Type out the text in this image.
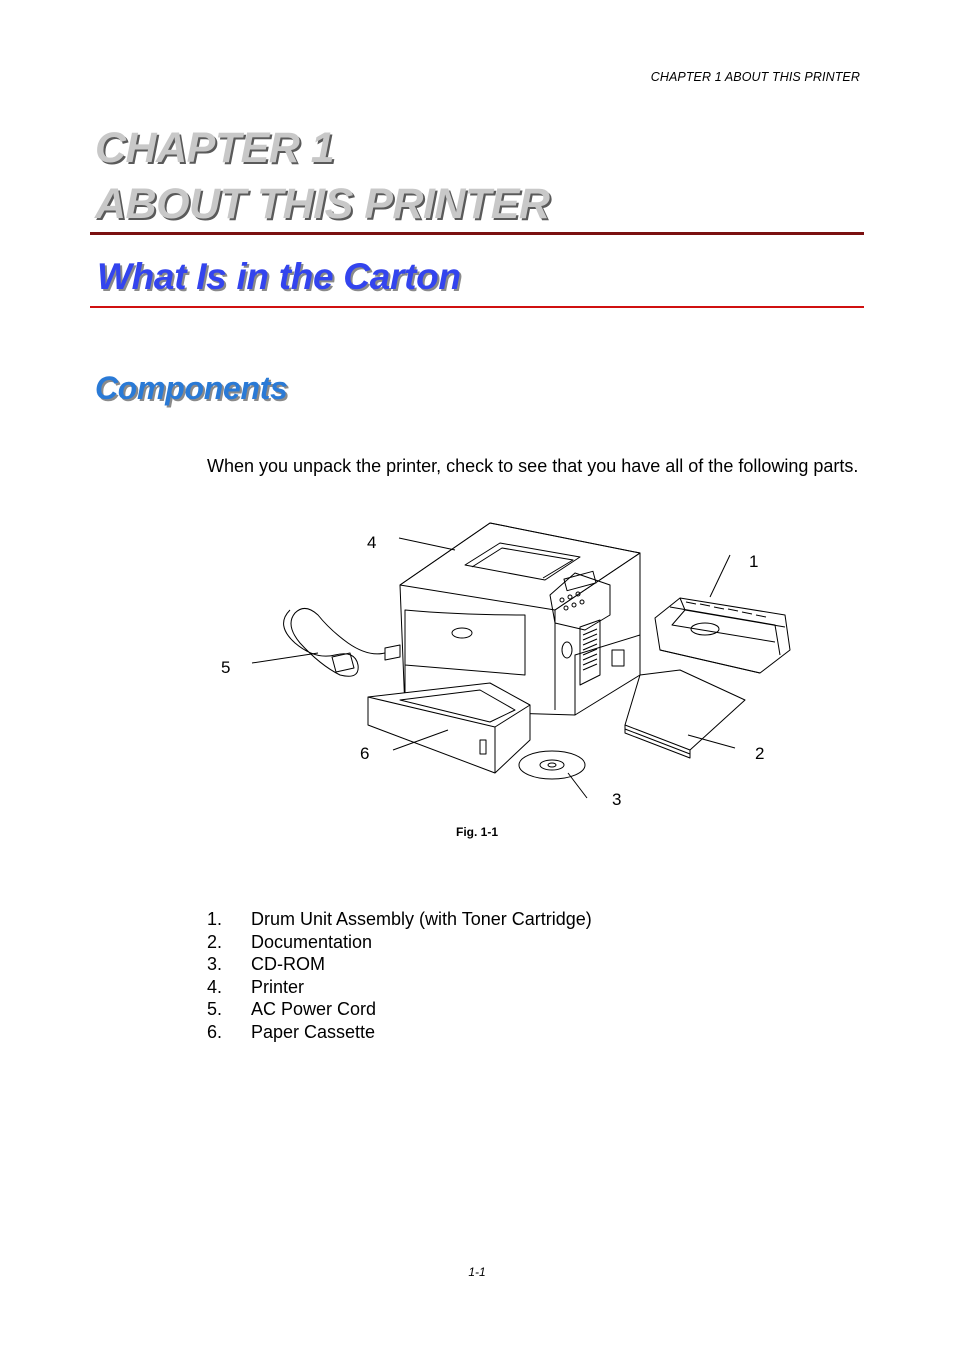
CHAPTER 1 ABOUT THIS PRINTER
CHAPTER 1
ABOUT THIS PRINTER
What Is in the Carton
Components

When you unpack the printer, check to see that you have all of the following parts.

4
1
5
6	2
3
Fig. 1-1
1.	Drum Unit Assembly (with Toner Cartridge)
2.	Documentation
3.	CD-ROM
4.	Printer
5.	AC Power Cord
6.	Paper Cassette
1-1
